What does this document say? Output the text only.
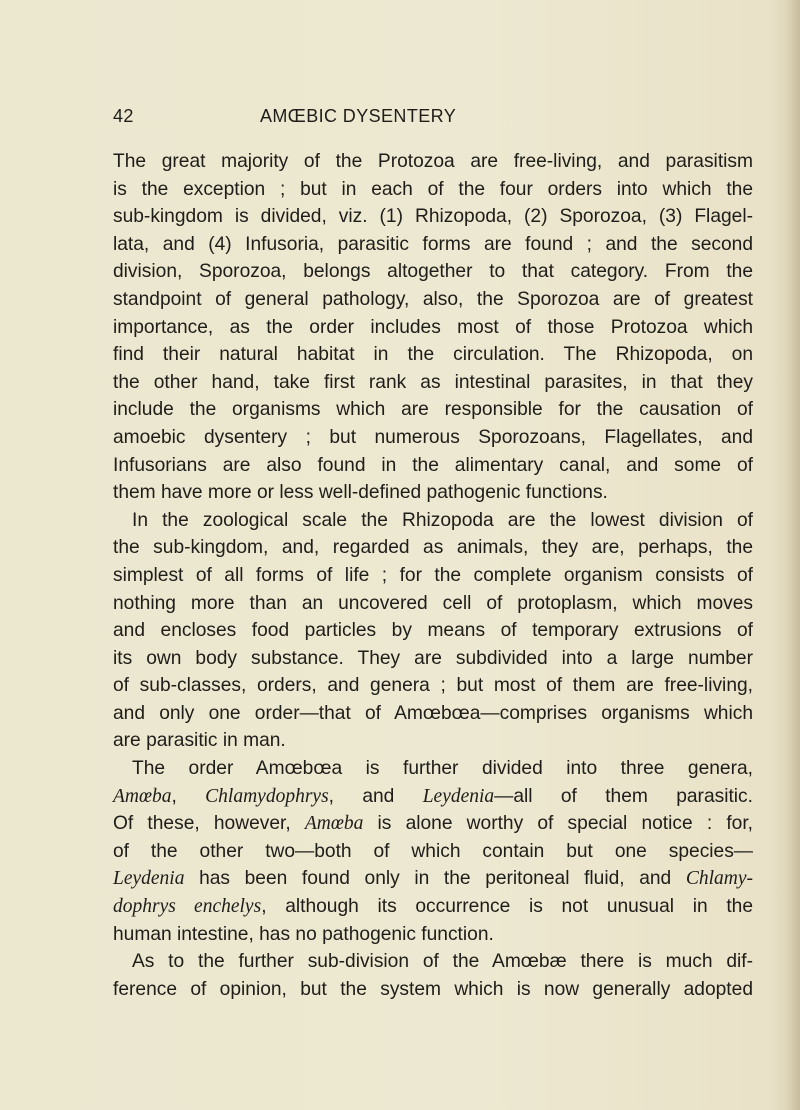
42	AMŒBIC DYSENTERY
The great majority of the Protozoa are free-living, and parasitism
is the exception ; but in each of the four orders into which the
sub-kingdom is divided, viz. (1) Rhizopoda, (2) Sporozoa, (3) Flagel-
lata, and (4) Infusoria, parasitic forms are found ; and the second
division, Sporozoa, belongs altogether to that category. From the
standpoint of general pathology, also, the Sporozoa are of greatest
importance, as the order includes most of those Protozoa which
find their natural habitat in the circulation. The Rhizopoda, on
the other hand, take first rank as intestinal parasites, in that they
include the organisms which are responsible for the causation of
amoebic dysentery ; but numerous Sporozoans, Flagellates, and
Infusorians are also found in the alimentary canal, and some of
them have more or less well-defined pathogenic functions.
In the zoological scale the Rhizopoda are the lowest division of
the sub-kingdom, and, regarded as animals, they are, perhaps, the
simplest of all forms of life ; for the complete organism consists of
nothing more than an uncovered cell of protoplasm, which moves
and encloses food particles by means of temporary extrusions of
its own body substance. They are subdivided into a large number
of sub-classes, orders, and genera ; but most of them are free-living,
and only one order—that of Amœbœa—comprises organisms which
are parasitic in man.
The order Amœbœa is further divided into three genera,
Amœba, Chlamydophrys, and Leydenia—all of them parasitic.
Of these, however, Amœba is alone worthy of special notice : for,
of the other two—both of which contain but one species—
Leydenia has been found only in the peritoneal fluid, and Chlamy-
dophrys enchelys, although its occurrence is not unusual in the
human intestine, has no pathogenic function.
As to the further sub-division of the Amœbæ there is much dif-
ference of opinion, but the system which is now generally adopted
